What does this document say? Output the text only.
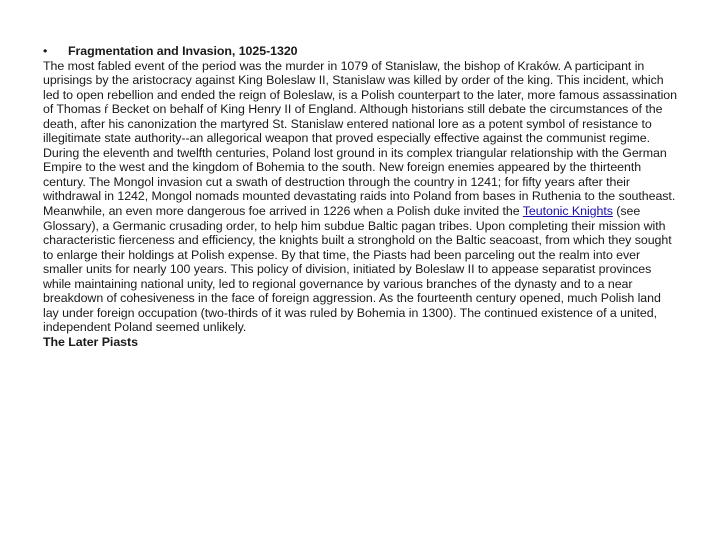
•	Fragmentation and Invasion, 1025-1320

The most fabled event of the period was the murder in 1079 of Stanislaw, the bishop of Kraków. A participant in uprisings by the aristocracy against King Boleslaw II, Stanislaw was killed by order of the king. This incident, which led to open rebellion and ended the reign of Boleslaw, is a Polish counterpart to the later, more famous assassination of Thomas ŕ Becket on behalf of King Henry II of England. Although historians still debate the circumstances of the death, after his canonization the martyred St. Stanislaw entered national lore as a potent symbol of resistance to illegitimate state authority--an allegorical weapon that proved especially effective against the communist regime.

During the eleventh and twelfth centuries, Poland lost ground in its complex triangular relationship with the German Empire to the west and the kingdom of Bohemia to the south. New foreign enemies appeared by the thirteenth century. The Mongol invasion cut a swath of destruction through the country in 1241; for fifty years after their withdrawal in 1242, Mongol nomads mounted devastating raids into Poland from bases in Ruthenia to the southeast. Meanwhile, an even more dangerous foe arrived in 1226 when a Polish duke invited the Teutonic Knights (see Glossary), a Germanic crusading order, to help him subdue Baltic pagan tribes. Upon completing their mission with characteristic fierceness and efficiency, the knights built a stronghold on the Baltic seacoast, from which they sought to enlarge their holdings at Polish expense. By that time, the Piasts had been parceling out the realm into ever smaller units for nearly 100 years. This policy of division, initiated by Boleslaw II to appease separatist provinces while maintaining national unity, led to regional governance by various branches of the dynasty and to a near breakdown of cohesiveness in the face of foreign aggression. As the fourteenth century opened, much Polish land lay under foreign occupation (two-thirds of it was ruled by Bohemia in 1300). The continued existence of a united, independent Poland seemed unlikely.

The Later Piasts
